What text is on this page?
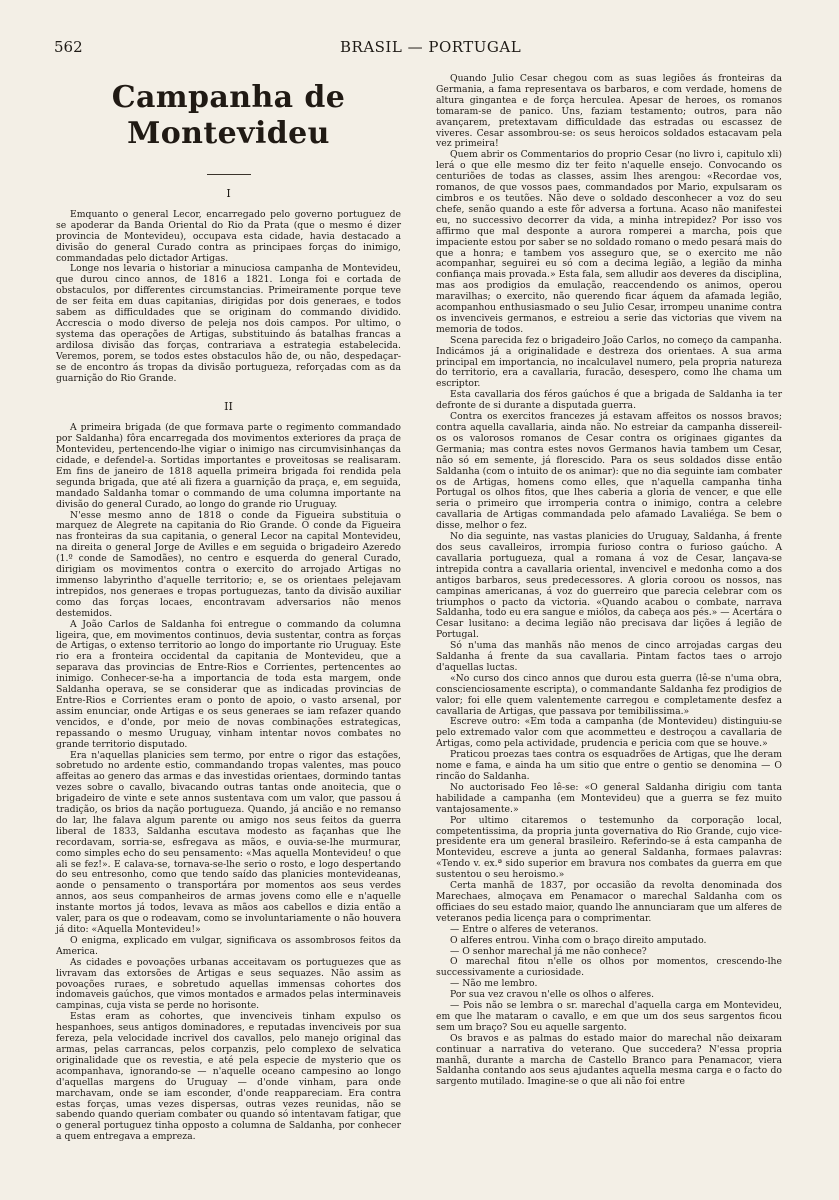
562	BRASIL — PORTUGAL
Campanha de Montevideu
I

Emquanto o general Lecor, encarregado pelo governo portuguez de se apoderar da Banda Oriental do Rio da Prata (que o mesmo é dizer provincia de Montevideu), occupava esta cidade, havia destacado a divisão do general Curado contra as principaes forças do inimigo, commandadas pelo dictador Artigas.

Longe nos levaria o historiar a minuciosa campanha de Montevideu, que durou cinco annos, de 1816 a 1821. Longa foi e cortada de obstaculos, por differentes circumstancias. Primeiramente porque teve de ser feita em duas capitanias, dirigidas por dois generaes, e todos sabem as difficuldades que se originam do commando dividido. Accrescia o modo diverso de peleja nos dois campos. Por ultimo, o systema das operações de Artigas, substituindo ás batalhas francas a ardilosa divisão das forças, contrariava a estrategia estabelecida. Veremos, porem, se todos estes obstaculos hão de, ou não, despedaçar-se de encontro ás tropas da divisão portugueza, reforçadas com as da guarnição do Rio Grande.

II

A primeira brigada (de que formava parte o regimento commandado por Saldanha) fôra encarregada dos movimentos exteriores da praça de Montevideu, pertencendo-lhe vigiar o inimigo nas circumvisinhanças da cidade, e defendel-a. Sortidas importantes e proveitosas se realisaram. Em fins de janeiro de 1818 aquella primeira brigada foi rendida pela segunda brigada, que até ali fizera a guarnição da praça, e, em seguida, mandado Saldanha tomar o commando de uma columna importante na divisão do general Curado, ao longo do grande rio Uruguay.

N'esse mesmo anno de 1818 o conde da Figueira substituia o marquez de Alegrete na capitania do Rio Grande. O conde da Figueira nas fronteiras da sua capitania, o general Lecor na capital Montevideu, na direita o general Jorge de Avilles e em seguida o brigadeiro Azeredo (1.º conde de Samodães), no centro e esquerda do general Curado, dirigiam os movimentos contra o exercito do arrojado Artigas no immenso labyrintho d'aquelle territorio; e, se os orientaes pelejavam intrepidos, nos generaes e tropas portuguezas, tanto da divisão auxiliar como das forças locaes, encontravam adversarios não menos destemidos.

A João Carlos de Saldanha foi entregue o commando da columna ligeira, que, em movimentos continuos, devia sustentar, contra as forças de Artigas, o extenso territorio ao longo do importante rio Uruguay. Este rio era a fronteira occidental da capitania de Montevideu, que a separava das provincias de Entre-Rios e Corrientes, pertencentes ao inimigo. Conhecer-se-ha a importancia de toda esta margem, onde Saldanha operava, se se considerar que as indicadas provincias de Entre-Rios e Corrientes eram o ponto de apoio, o vasto arsenal, por assim enunciar, onde Artigas e os seus generaes se iam refazer quando vencidos, e d'onde, por meio de novas combinações estrategicas, repassando o mesmo Uruguay, vinham intentar novos combates no grande territorio disputado.

Era n'aquellas planicies sem termo, por entre o rigor das estações, sobretudo no ardente estio, commandando tropas valentes, mas pouco affeitas ao genero das armas e das investidas orientaes, dormindo tantas vezes sobre o cavallo, bivacando outras tantas onde anoitecia, que o brigadeiro de vinte e sete annos sustentava com um valor, que passou á tradição, os brios da nação portugueza. Quando, já ancião e no remanso do lar, lhe falava algum parente ou amigo nos seus feitos da guerra liberal de 1833, Saldanha escutava modesto as façanhas que lhe recordavam, sorria-se, esfregava as mãos, e ouvia-se-lhe murmurar, como simples echo do seu pensamento: «Mas aquella Montevideu! o que ali se fez!». E calava-se, tornava-se-lhe serio o rosto, e logo despertando do seu entresonho, como que tendo saído das planicies montevideanas, aonde o pensamento o transportára por momentos aos seus verdes annos, aos seus companheiros de armas jovens como elle e n'aquelle instante mortos já todos, levava as mãos aos cabellos e dizia então a valer, para os que o rodeavam, como se involuntariamente o não houvera já dito: «Aquella Montevideu!»

O enigma, explicado em vulgar, significava os assombrosos feitos da America.

As cidades e povoações urbanas acceitavam os portuguezes que as livravam das extorsões de Artigas e seus sequazes. Não assim as povoações ruraes, e sobretudo aquellas immensas cohortes dos indomaveis gaúchos, que vimos montados e armados pelas interminaveis campinas, cuja vista se perde no horisonte.

Estas eram as cohortes, que invenciveis tinham expulso os hespanhoes, seus antigos dominadores, e reputadas invenciveis por sua fereza, pela velocidade incrivel dos cavallos, pelo manejo original das armas, pelas carrancas, pelos corpanzis, pelo complexo de selvatica originalidade que os revestia, e até pela especie de mysterio que os acompanhava, ignorando-se — n'aquelle oceano campesino ao longo d'aquellas margens do Uruguay — d'onde vinham, para onde marchavam, onde se iam esconder, d'onde reappareciam. Era contra estas forças, umas vezes dispersas, outras vezes reunidas, não se sabendo quando queriam combater ou quando só intentavam fatigar, que o general portuguez tinha opposto a columna de Saldanha, por conhecer a quem entregava a empreza.

Quando Julio Cesar chegou com as suas legiões ás fronteiras da Germania, a fama representava os barbaros, e com verdade, homens de altura gingantea e de força herculea. Apesar de heroes, os romanos tomaram-se de panico. Uns, faziam testamento; outros, para não avançarem, pretextavam difficuldade das estradas ou escassez de viveres. Cesar assombrou-se: os seus heroicos soldados estacavam pela vez primeira!

Quem abrir os Commentarios do proprio Cesar (no livro i, capitulo xli) lerá o que elle mesmo diz ter feito n'aquelle ensejo. Convocando os centuriões de todas as classes, assim lhes arengou: «Recordae vos, romanos, de que vossos paes, commandados por Mario, expulsaram os cimbros e os teutões. Não deve o soldado desconhecer a voz do seu chefe, senão quando a este fôr adversa a fortuna. Acaso não manifestei eu, no successivo decorrer da vida, a minha intrepidez? Por isso vos affirmo que mal desponte a aurora romperei a marcha, pois que impaciente estou por saber se no soldado romano o medo pesará mais do que a honra; e tambem vos asseguro que, se o exercito me não acompanhar, seguirei eu só com a decima legião, a legião da minha confiança mais provada.» Esta fala, sem alludir aos deveres da disciplina, mas aos prodigios da emulação, reaccendendo os animos, operou maravilhas; o exercito, não querendo ficar áquem da afamada legião, acompanhou enthusiasmado o seu Julio Cesar, irrompeu unanime contra os invenciveis germanos, e estreiou a serie das victorias que vivem na memoria de todos.

Scena parecida fez o brigadeiro João Carlos, no começo da campanha. Indicámos já a originalidade e destreza dos orientaes. A sua arma principal em importancia, no incalculavel numero, pela propria natureza do territorio, era a cavallaria, furacão, desespero, como lhe chama um escriptor.

Esta cavallaria dos féros gaúchos é que a brigada de Saldanha ia ter defronte de si durante a disputada guerra.

Contra os exercitos francezes já estavam affeitos os nossos bravos; contra aquella cavallaria, ainda não. No estreiar da campanha dissereil-os os valorosos romanos de Cesar contra os originaes gigantes da Germania; mas contra estes novos Germanos havia tambem um Cesar, não só em semente, já florescido. Para os seus soldados disse então Saldanha (com o intuito de os animar): que no dia seguinte iam combater os de Artigas, homens como elles, que n'aquella campanha tinha Portugal os olhos fitos, que lhes caberia a gloria de vencer, e que elle seria o primeiro que irromperia contra o inimigo, contra a celebre cavallaria de Artigas commandada pelo afamado Lavaliéga. Se bem o disse, melhor o fez.

No dia seguinte, nas vastas planicies do Uruguay, Saldanha, á frente dos seus cavalleiros, irrompia furioso contra o furioso gaúcho. A cavallaria portugueza, qual a romana á voz de Cesar, lançava-se intrepida contra a cavallaria oriental, invencivel e medonha como a dos antigos barbaros, seus predecessores. A gloria coroou os nossos, nas campinas americanas, á voz do guerreiro que parecia celebrar com os triumphos o pacto da victoria. «Quando acabou o combate, narrava Saldanha, todo eu era sangue e miólos, da cabeça aos pés.» — Acertára o Cesar lusitano: a decima legião não precisava dar lições á legião de Portugal.

Só n'uma das manhãs não menos de cinco arrojadas cargas deu Saldanha á frente da sua cavallaria. Pintam factos taes o arrojo d'aquellas luctas.

«No curso dos cinco annos que durou esta guerra (lê-se n'uma obra, conscienciosamente escripta), o commandante Saldanha fez prodigios de valor; foi elle quem valentemente carregou e completamente desfez a cavallaria de Artigas, que passava por temibilissima.»

Escreve outro: «Em toda a campanha (de Montevideu) distinguiu-se pelo extremado valor com que acommetteu e destroçou a cavallaria de Artigas, como pela actividade, prudencia e pericia com que se houve.»

Praticou proezas taes contra os esquadrões de Artigas, que lhe deram nome e fama, e ainda ha um sitio que entre o gentio se denomina — O rincão do Saldanha.

No auctorisado Feo lê-se: «O general Saldanha dirigiu com tanta habilidade a campanha (em Montevideu) que a guerra se fez muito vantajosamente.»

Por ultimo citaremos o testemunho da corporação local, competentissima, da propria junta governativa do Rio Grande, cujo vice-presidente era um general brasileiro. Referindo-se á esta campanha de Montevideu, escreve a junta ao general Saldanha, formaes palavras: «Tendo v. ex.ª sido superior em bravura nos combates da guerra em que sustentou o seu heroismo.»

Certa manhã de 1837, por occasião da revolta denominada dos Marechaes, almoçava em Penamacor o marechal Saldanha com os officiaes do seu estado maior, quando lhe annunciaram que um alferes de veteranos pedia licença para o comprimentar.

— Entre o alferes de veteranos.

O alferes entrou. Vinha com o braço direito amputado.

— O senhor marechal já me não conhece?

O marechal fitou n'elle os olhos por momentos, crescendo-lhe successivamente a curiosidade.

— Não me lembro.

Por sua vez cravou n'elle os olhos o alferes.

— Pois não se lembra o sr. marechal d'aquella carga em Montevideu, em que lhe mataram o cavallo, e em que um dos seus sargentos ficou sem um braço? Sou eu aquelle sargento.

Os bravos e as palmas do estado maior do marechal não deixaram continuar a narrativa do veterano. Que succedera? N'essa propria manhã, durante a marcha de Castello Branco para Penamacor, viera Saldanha contando aos seus ajudantes aquella mesma carga e o facto do sargento mutilado. Imagine-se o que ali não foi entre
